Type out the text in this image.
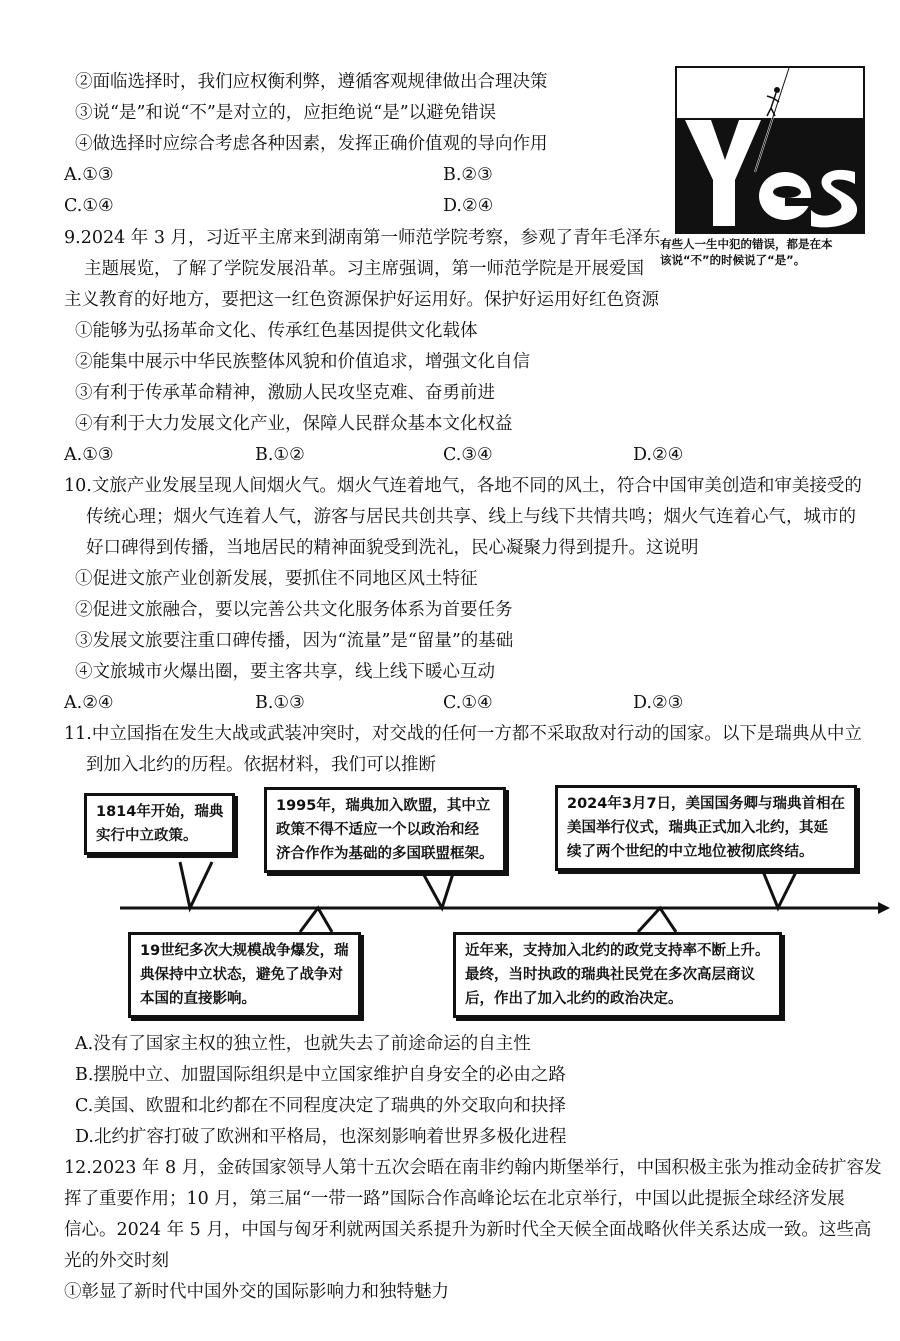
②面临选择时，我们应权衡利弊，遵循客观规律做出合理决策
③说“是”和说“不”是对立的，应拒绝说“是”以避免错误
④做选择时应综合考虑各种因素，发挥正确价值观的导向作用
A.①③	B.②③
C.①④	D.②④
有些人一生中犯的错误，都是在本
该说“不”的时候说了“是”。
9.2024 年 3 月，习近平主席来到湖南第一师范学院考察，参观了青年毛泽东
主题展览，了解了学院发展沿革。习主席强调，第一师范学院是开展爱国
主义教育的好地方，要把这一红色资源保护好运用好。保护好运用好红色资源
①能够为弘扬革命文化、传承红色基因提供文化载体
②能集中展示中华民族整体风貌和价值追求，增强文化自信
③有利于传承革命精神，激励人民攻坚克难、奋勇前进
④有利于大力发展文化产业，保障人民群众基本文化权益
A.①③	B.①②	C.③④	D.②④
10.文旅产业发展呈现人间烟火气。烟火气连着地气，各地不同的风土，符合中国审美创造和审美接受的
传统心理；烟火气连着人气，游客与居民共创共享、线上与线下共情共鸣；烟火气连着心气，城市的
好口碑得到传播，当地居民的精神面貌受到洗礼，民心凝聚力得到提升。这说明
①促进文旅产业创新发展，要抓住不同地区风土特征
②促进文旅融合，要以完善公共文化服务体系为首要任务
③发展文旅要注重口碑传播，因为“流量”是“留量”的基础
④文旅城市火爆出圈，要主客共享，线上线下暖心互动
A.②④	B.①③	C.①④	D.②③
11.中立国指在发生大战或武装冲突时，对交战的任何一方都不采取敌对行动的国家。以下是瑞典从中立
到加入北约的历程。依据材料，我们可以推断
1814年开始，瑞典
实行中立政策。
1995年，瑞典加入欧盟，其中立
政策不得不适应一个以政治和经
济合作作为基础的多国联盟框架。
2024年3月7日，美国国务卿与瑞典首相在
美国举行仪式，瑞典正式加入北约，其延
续了两个世纪的中立地位被彻底终结。
19世纪多次大规模战争爆发，瑞
典保持中立状态，避免了战争对
本国的直接影响。
近年来，支持加入北约的政党支持率不断上升。
最终，当时执政的瑞典社民党在多次高层商议
后，作出了加入北约的政治决定。
A.没有了国家主权的独立性，也就失去了前途命运的自主性
B.摆脱中立、加盟国际组织是中立国家维护自身安全的必由之路
C.美国、欧盟和北约都在不同程度决定了瑞典的外交取向和抉择
D.北约扩容打破了欧洲和平格局，也深刻影响着世界多极化进程
12.2023 年 8 月，金砖国家领导人第十五次会晤在南非约翰内斯堡举行，中国积极主张为推动金砖扩容发
挥了重要作用；10 月，第三届“一带一路”国际合作高峰论坛在北京举行，中国以此提振全球经济发展
信心。2024 年 5 月，中国与匈牙利就两国关系提升为新时代全天候全面战略伙伴关系达成一致。这些高
光的外交时刻
①彰显了新时代中国外交的国际影响力和独特魅力
